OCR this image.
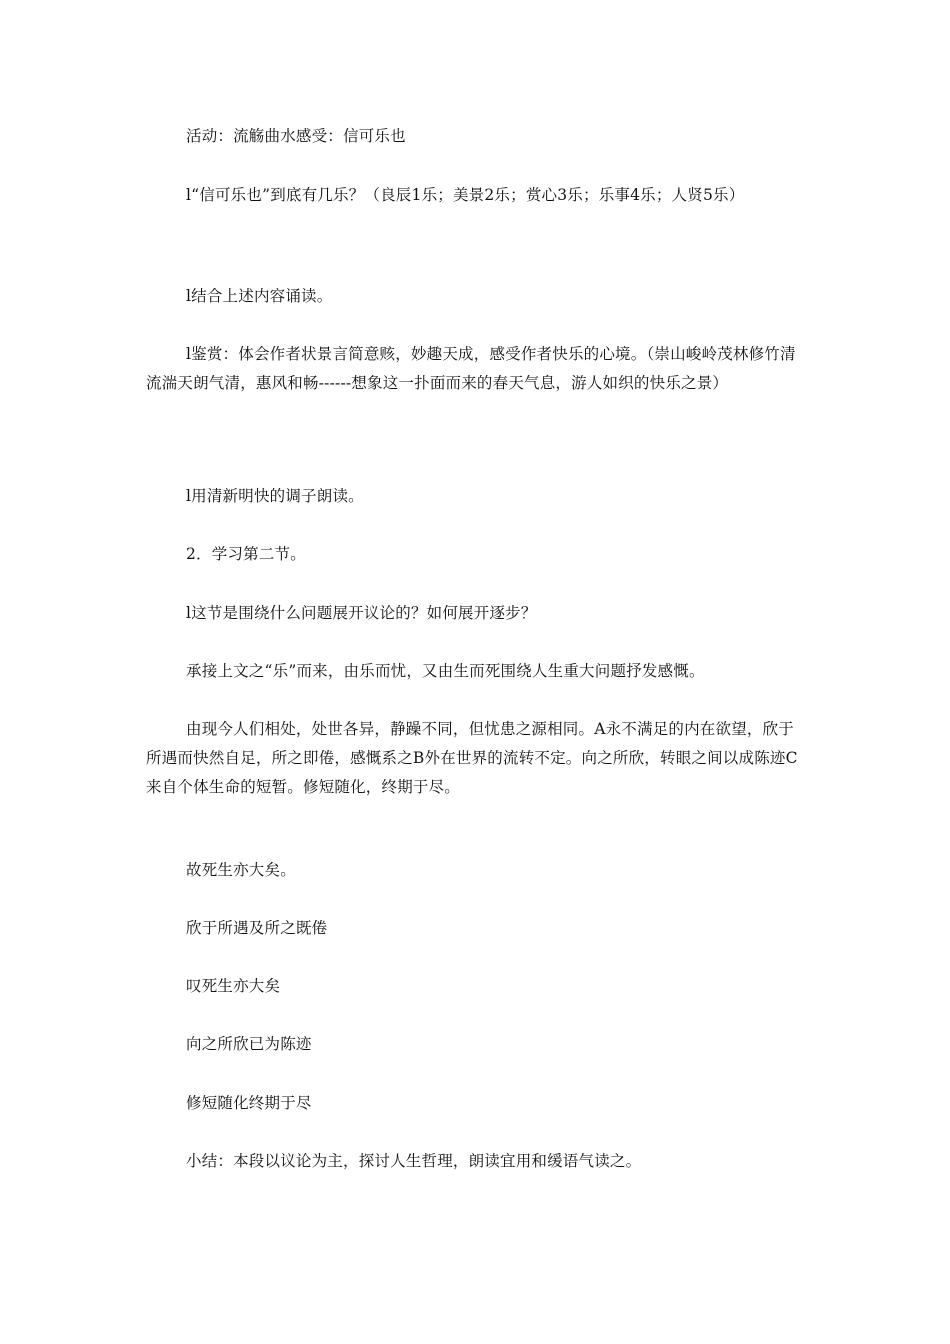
活动：流觞曲水感受：信可乐也
l“信可乐也”到底有几乐？（良辰1乐；美景2乐；赏心3乐；乐事4乐；人贤5乐）
l结合上述内容诵读。
l鉴赏：体会作者状景言简意赅，妙趣天成，感受作者快乐的心境。（崇山峻岭茂林修竹清流湍天朗气清，惠风和畅------想象这一扑面而来的春天气息，游人如织的快乐之景）
l用清新明快的调子朗读。
2．学习第二节。
l这节是围绕什么问题展开议论的？如何展开逐步？
承接上文之“乐”而来，由乐而忧，又由生而死围绕人生重大问题抒发感慨。
由现今人们相处，处世各异，静躁不同，但忧患之源相同。A永不满足的内在欲望，欣于所遇而快然自足，所之即倦，感慨系之B外在世界的流转不定。向之所欣，转眼之间以成陈迹C来自个体生命的短暂。修短随化，终期于尽。
故死生亦大矣。
欣于所遇及所之既倦
叹死生亦大矣
向之所欣已为陈迹
修短随化终期于尽
小结：本段以议论为主，探讨人生哲理，朗读宜用和缓语气读之。
